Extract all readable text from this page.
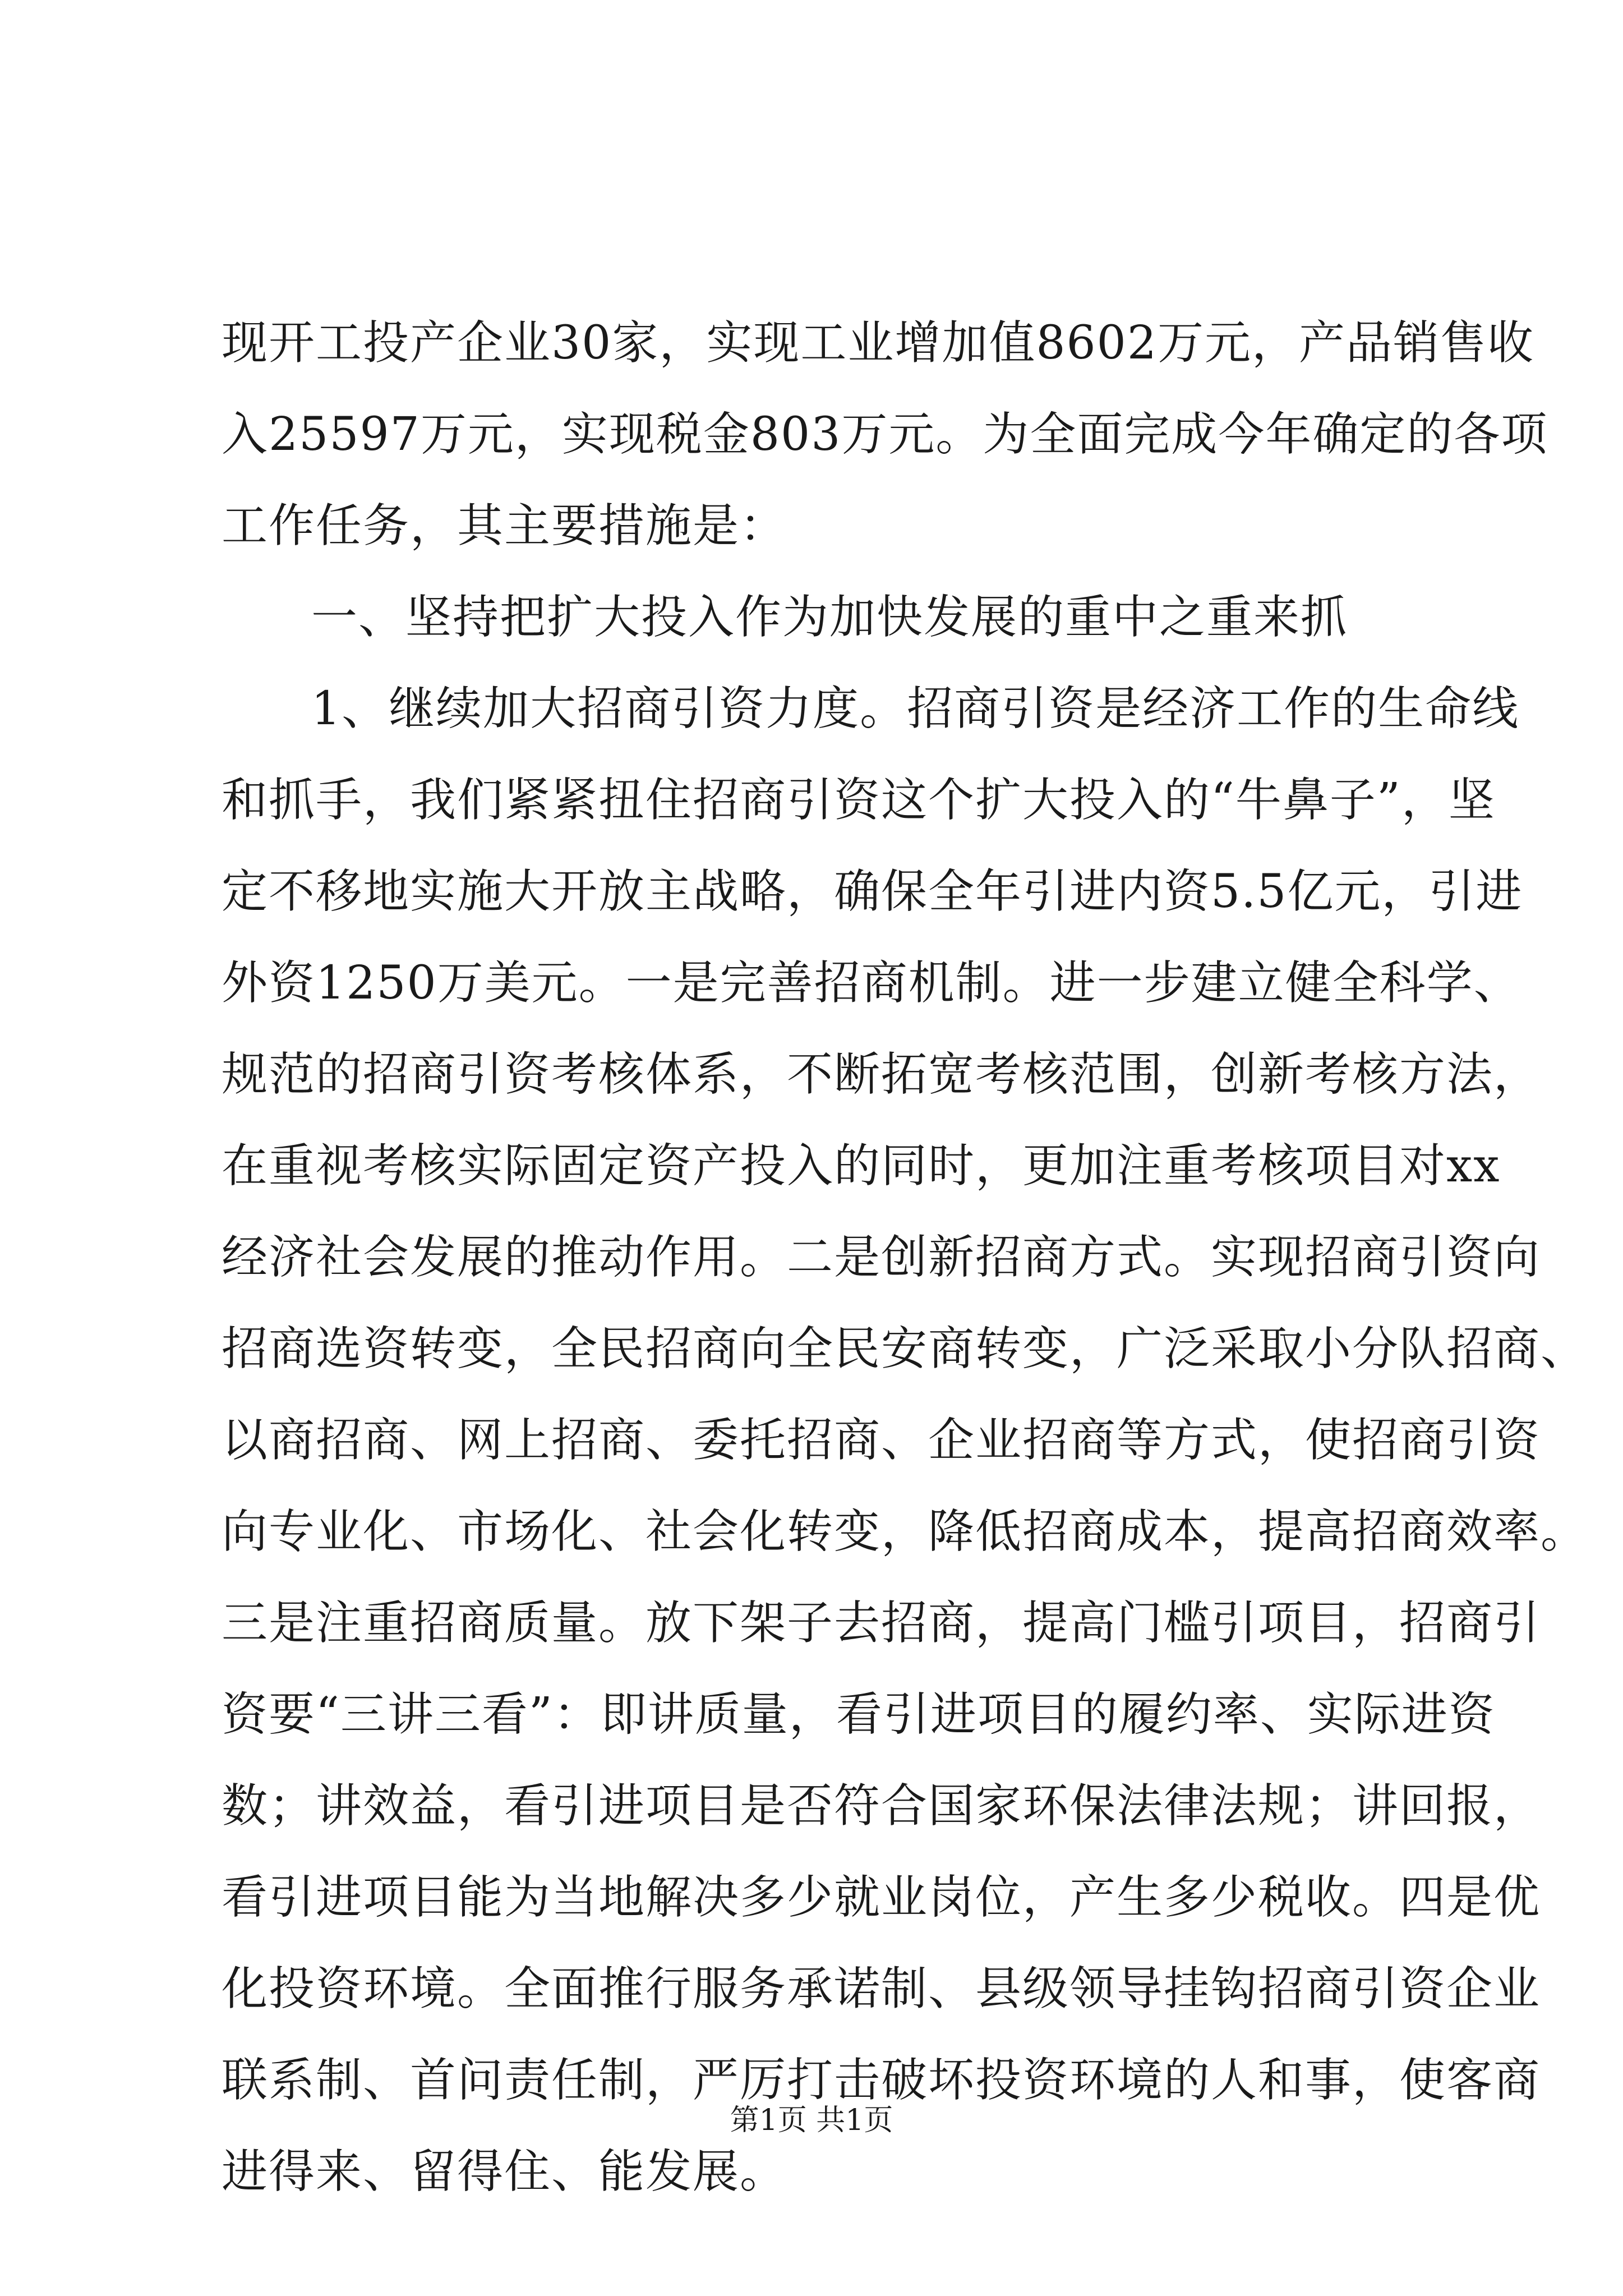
现开工投产企业30家，实现工业增加值8602万元，产品销售收
入25597万元，实现税金803万元。为全面完成今年确定的各项
工作任务，其主要措施是：
一、坚持把扩大投入作为加快发展的重中之重来抓
1、继续加大招商引资力度。招商引资是经济工作的生命线
和抓手，我们紧紧扭住招商引资这个扩大投入的“牛鼻子”，坚
定不移地实施大开放主战略，确保全年引进内资5.5亿元，引进
外资1250万美元。一是完善招商机制。进一步建立健全科学、
规范的招商引资考核体系，不断拓宽考核范围，创新考核方法，
在重视考核实际固定资产投入的同时，更加注重考核项目对xx
经济社会发展的推动作用。二是创新招商方式。实现招商引资向
招商选资转变，全民招商向全民安商转变，广泛采取小分队招商、
以商招商、网上招商、委托招商、企业招商等方式，使招商引资
向专业化、市场化、社会化转变，降低招商成本，提高招商效率。
三是注重招商质量。放下架子去招商，提高门槛引项目，招商引
资要“三讲三看”：即讲质量，看引进项目的履约率、实际进资
数；讲效益，看引进项目是否符合国家环保法律法规；讲回报，
看引进项目能为当地解决多少就业岗位，产生多少税收。四是优
化投资环境。全面推行服务承诺制、县级领导挂钩招商引资企业
联系制、首问责任制，严厉打击破坏投资环境的人和事，使客商
进得来、留得住、能发展。
第1页 共1页
